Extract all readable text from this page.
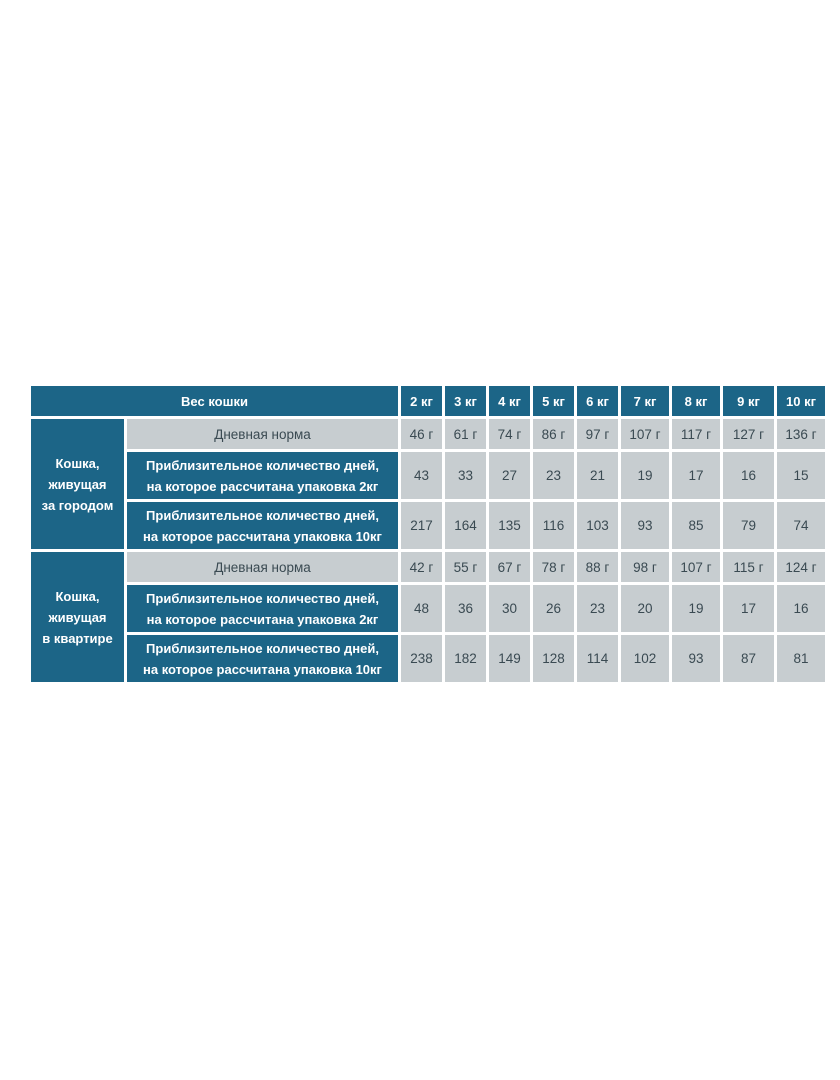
Вес кошки		2 кг	3 кг	4 кг	5 кг	6 кг	7 кг	8 кг	9 кг	10 кг

Кошка,
живущая
за городом	Дневная норма	46 г	61 г	74 г	86 г	97 г	107 г	117 г	127 г	136 г

	Приблизительное количество дней,
на которое рассчитана упаковка 2кг	43	33	27	23	21	19	17	16	15

	Приблизительное количество дней,
на которое рассчитана упаковка 10кг	217	164	135	116	103	93	85	79	74

Кошка,
живущая
в квартире	Дневная норма	42 г	55 г	67 г	78 г	88 г	98 г	107 г	115 г	124 г

	Приблизительное количество дней,
на которое рассчитана упаковка 2кг	48	36	30	26	23	20	19	17	16

	Приблизительное количество дней,
на которое рассчитана упаковка 10кг	238	182	149	128	114	102	93	87	81
